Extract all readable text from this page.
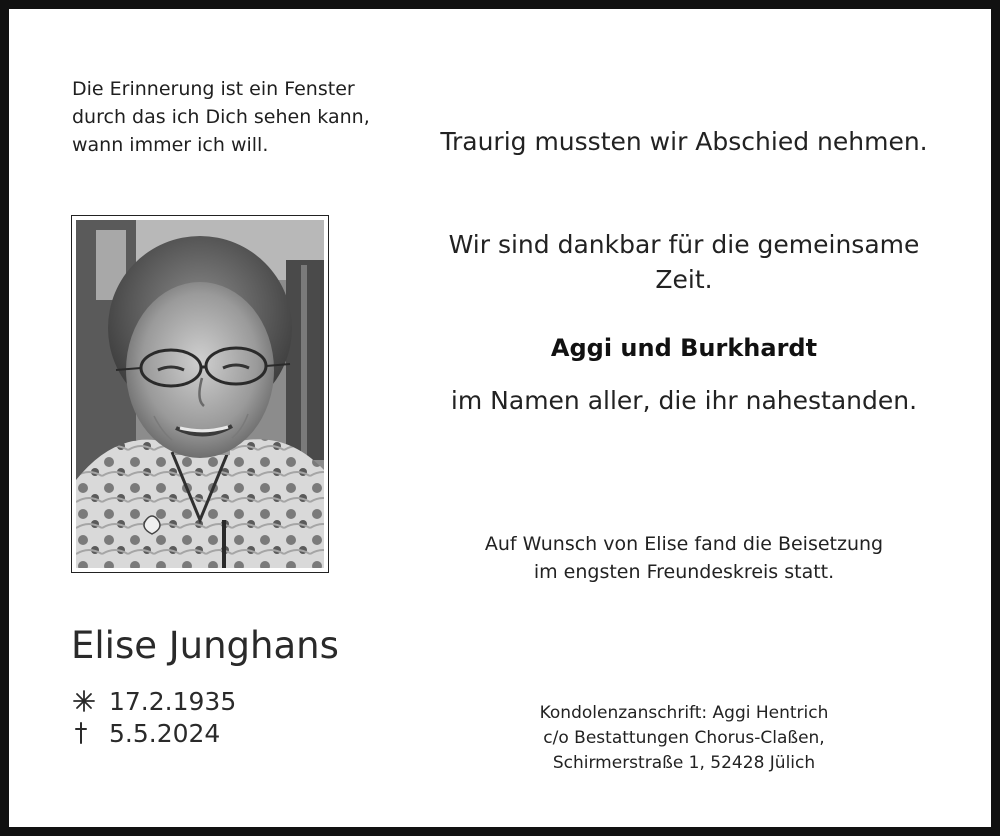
Die Erinnerung ist ein Fenster
durch das ich Dich sehen kann,
wann immer ich will.
Elise Junghans
17.2.1935
5.5.2024
Traurig mussten wir Abschied nehmen.
Wir sind dankbar für die gemeinsame
Zeit.
Aggi und Burkhardt
im Namen aller, die ihr nahestanden.
Auf Wunsch von Elise fand die Beisetzung
im engsten Freundeskreis statt.
Kondolenzanschrift: Aggi Hentrich
c/o Bestattungen Chorus-Claßen,
Schirmerstraße 1, 52428 Jülich
